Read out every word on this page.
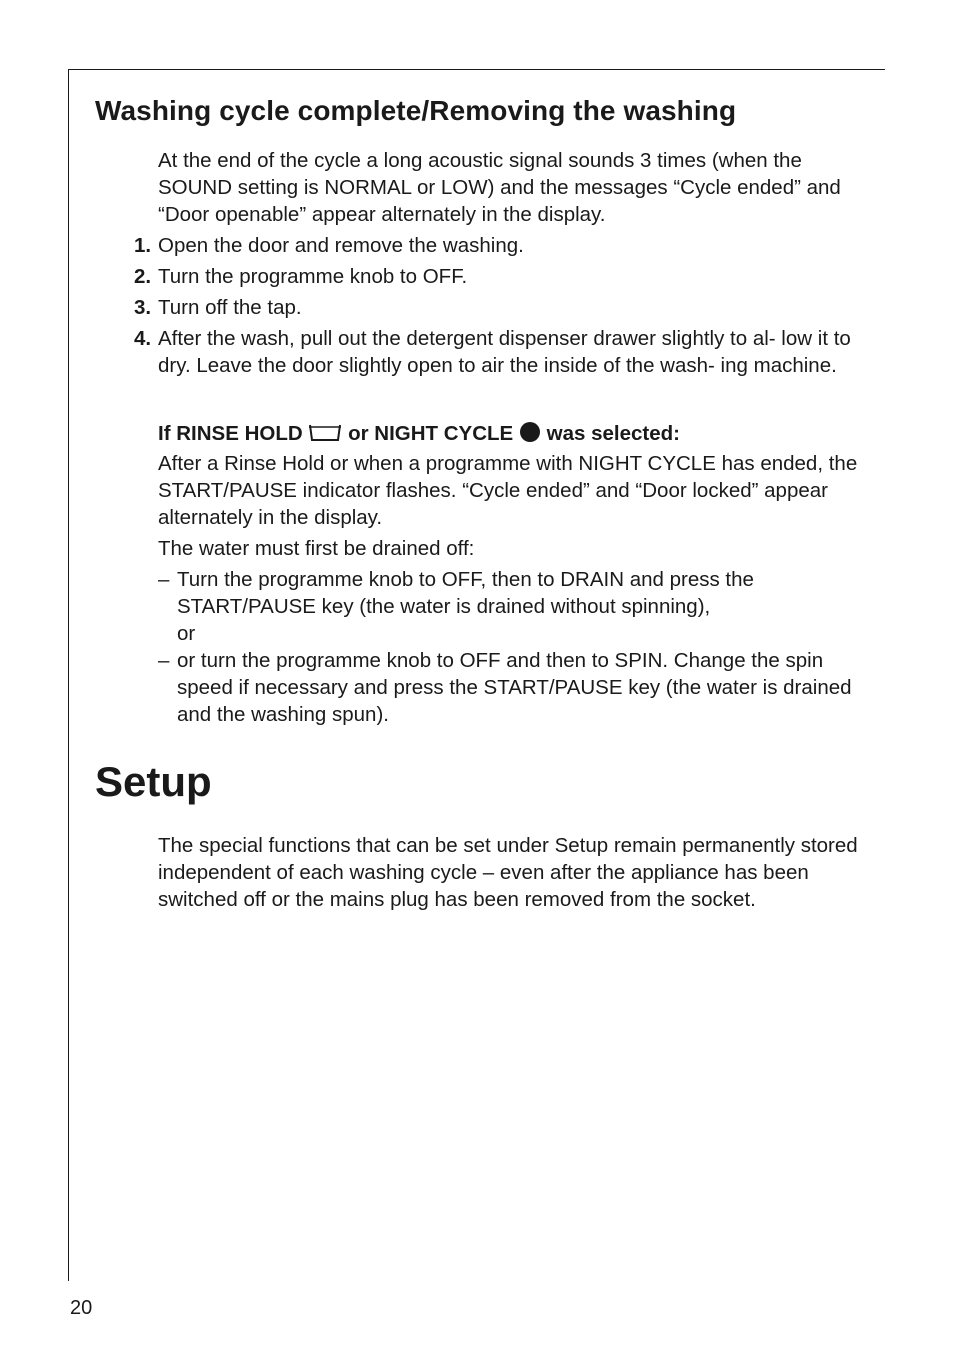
Washing cycle complete/Removing the washing

At the end of the cycle a long acoustic signal sounds 3 times (when the SOUND setting is NORMAL or LOW) and the messages “Cycle ended” and “Door openable” appear alternately in the display.

1. Open the door and remove the washing.
2. Turn the programme knob to OFF.
3. Turn off the tap.
4. After the wash, pull out the detergent dispenser drawer slightly to al- low it to dry. Leave the door slightly open to air the inside of the wash- ing machine.

If RINSE HOLD or NIGHT CYCLE was selected:

After a Rinse Hold or when a programme with NIGHT CYCLE has ended, the START/PAUSE indicator flashes. “Cycle ended” and “Door locked” appear alternately in the display.

The water must first be drained off:

– Turn the programme knob to OFF, then to DRAIN and press the START/PAUSE key (the water is drained without spinning),
or
– or turn the programme knob to OFF and then to SPIN. Change the spin speed if necessary and press the START/PAUSE key (the water is drained and the washing spun).
Setup

The special functions that can be set under Setup remain permanently stored independent of each washing cycle – even after the appliance has been switched off or the mains plug has been removed from the socket.

20
